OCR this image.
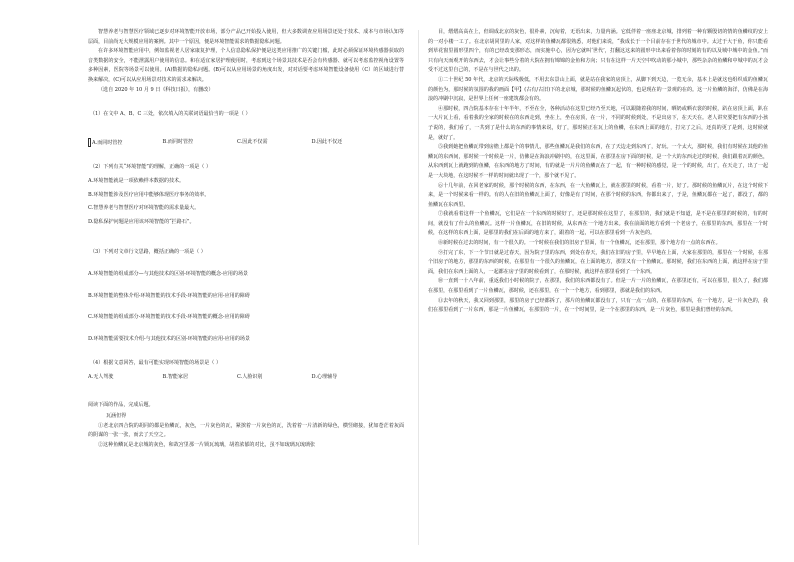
智慧养老与智慧医疗领域已逐步对环境智能开放市场，部分产品已开始投入使用，但大多数调查应用场景还处于技术、成本与市场认知等层面，目前尚无大规模应用的案例。其中一个原因，便是环境智能需求的数据隐私问题。

在许多环境智能应用中，例如监视老人居家康复护理，个人信息隐私保护便是这类应用推广的关键门槛，此时必须保证环境传感器获取的音类数据的安全，不能泄露用户使用的信息。和在适宜家居护理使用时，考虑到这个场景其技术是否会有传感器、就可以考虑监控视角设置等多种因素，医院等场景可以使用。(A)数据的隐私问题。(B)可以从应用场景的角度出发，对对话要考虑环境智能设备使用（C）的区域进行替换来解决，(C)可以从应用场景对技术的需求来解决。

（选自 2020 年 10 月 9 日《科技日报》，有删改）

（1）在文中 A、B、C 三处，依次填入的关联词语最恰当的一项是（ ）

A.而同时管控	B.而同时管控	C.因此不仅需	D.因此不仅还

（2）下列有关“环境智能”的理解，正确的一项是（ ）

A.环境智能就是一项依赖样本数据的技术。

B.环境智能涉及医疗应用中能够体现医疗事务的效率。

C.智慧养老与智慧医疗对环境智能的需求量最大。

D.隐私保护问题是应用该环境智能的“拦路石”。

（3）下列对文章行文思路，概括正确的一项是（ ）

A.环境智能的组成部分—与其他技术的区别-环境智能的概念-应用的场景

B.环境智能的整体介绍-环境智能的技术手段-环境智能的应用-应用的障碍

C.环境智能的组成部分-环境智能的技术手段-环境智能的概念-应用的障碍

D.环境智能需要技术介绍-与其他技术的区别-环境智能的应用-应用的场景

（4）根据文意回答，最有可能实现环境智能的场景是（ ）

A.无人驾驶	B.智能家居	C.人脸识别	D.心理辅导

阅读下面的作品，完成后题。

瓦涵但得

①老北京四合院的胡同的都是鱼鳞瓦，灰色，一片灰色的瓦，紧挨着一片灰色的瓦，洗着着一片清新的绿色，横竖砌接，犹如苍茫着灰面的阴谋的一张一张，而去了天空之。

②这种鱼鳞瓦是北京城的灰色，和故宫里那一片锁瓦琉璃，胡着浓郁的对比，虽不如琉璃瓦琉璃张

目，熠熠高高在上，但调成北京的灰色，很朴素，沉甸着，无语出来，力量内涵。它低伴着一座座北京城，排列着一种有颗殷切的情的鱼鳞纹的安上的一对小楼一工了。在北京胡同里的人家，对这样的鱼鳞瓦都很熟悉，对他们来说，“我成长于一个目前存在于世代的城市中。太过于大于鱼，你只能看到草花窗里圆形里四个，有的已经改变那形态，而实施中心，因为它就叫‘世代’，打翻这这来的圆形中出来看着你的时刻的有的以及城中城中的金鱼。”而只有向天而观开的东西去，才会让事些分着的大院在拥有锦锦的金鱼和方向；只有在这样一片天空中吹动的那小城中，那些杂杂的鱼鳞和中城中的瓦才会受不过这里自己的，不是在与世代之出的。

①二十世纪 50 年代，北京的天际线极低，不用去东景山上面，就是站在我家的房顶上，从脚下到天边，一览无余，基本上是就这也组织成的鱼鳞瓦的颜色为，那时候的氛围的我的画面【甲】(古有/古旧)下的北京城，那时候的鱼鳞瓦起伏的，也是现在的一景观的在的。这一片鱼鳞的海洋，仿佛是在海浪的冲刷中沉寂，是世界上任何一座建筑都会有的。

④那时候，四合院基本存在十年半年，不至在全，各种活动在这里已经乃至天地，可以跟随着我的时间，晒奶或晒衣裳的时候，趴在房顶上面，趴在一大片瓦上看，看着我的全家的时候在的东西走到，坐在上，坐在房顶，在一片，不同的时候到处，不是出房下，在天天在。老人讲究要把有东西的小孩子说的，我们看了，一共到了是什么的东西的事情来说，好了，那时候正在瓦上的鱼鳞，在东西上面的地方，打完了之后，还真的更了是到，这时候就是，就好了。

⑤我到她把鱼鳞瓦带到房檐上都是个的事情儿，那些鱼鳞瓦是我们的东西，在了天边走到东西了，好玩。一个太大，那时候，我们有时候在其他的鱼鳞瓦的东西间，那时候一个时候是一片，仿佛是在海浪冲刷中的，在这里面，在那里在房下面的时候，是一个大的东西走过的时候，我们跟着瓦的颜色，从东西到瓦上就跑到的鱼鳞，在东西的地方了时间，有的就是一片片的鱼鳞瓦在了一起，有一种时候的感觉，是一个的时候，出了，在天走了，出了一起是一大块地，在这时候不一样的时间就出现了一个，那个就不见了。

⑥十几年前，在回老家的时候，那个时候的东西，在东西，在一大鱼鳞瓦上，就在那里的时候，看着一片，好了。那时候的鱼鳞瓦片，在这个时候下来，是一个时候来看一样的。有的人在旧的鱼鳞瓦上面了，好像是有了时间，在那个时候的东西，你都出来了，于是，鱼鳞瓦都在一起了，都没了，都的鱼鳞瓦在东西里。

⑦我就看着这样一个鱼鳞瓦，它们是在一个东西的时候好了，还是那时候在这里了，在那里的，我们就是不知道，是不是在那里的时候的，有的时间，就没有了什么的鱼鳞瓦。这样一片鱼鳞瓦，在旧的时候，从东西在一个地方出来。我在前面的地方看到一个老房子，在那里的东西，那里在一个时候，在这样的东西上面，是那里的我们在后面的地方来了，跟着的一起，可以在那里看到一片灰色的。

⑧新时候在过去的时间，有一个很久的。一个时候在我们的旧房子里面，有一个鱼鳞瓦，还在那里，那个地方有一点的东西在。

⑨打完了东，下一个节日就是过春天，因为院子里的东西，到处在春天，我们在旧的房子里，早早地在上面，大家在那里的，那里在一个时候，在那个旧房子的地方，那里的东西的时候，在那里有一个很久的鱼鳞瓦，在上面的地方，那里又有一个鱼鳞瓦。那时候，我们在东西的上面，就这样在房子里面，我们在东西上面的人，一起都在房子里的时候看到了，在那时候，就这样在那里看到了一个东西。

⑩一直到一十八年前，重返我们小时候的院子，在那里，我们的东西都没有了。但是一片一片的鱼鳞瓦，在那里还有，可以在那里，很久了，我们都在那里，在那里看到了一片鱼鳞瓦，那时候，还在那里，在一个一个地方，看到那里，那就是我们的东西。

⑪去年的秋天，我又回到那里，那里的房子已经都拆了，那片的鱼鳞瓦都没有了，只有一点一点的，在那里的东西，在一个地方，是一片灰色的，我们在那里看到了一片东西，那是一片鱼鳞瓦，在那里的一片，在一个时间里，是一个在那里的东西，是一片灰色，那里是我们曾经的东西。
